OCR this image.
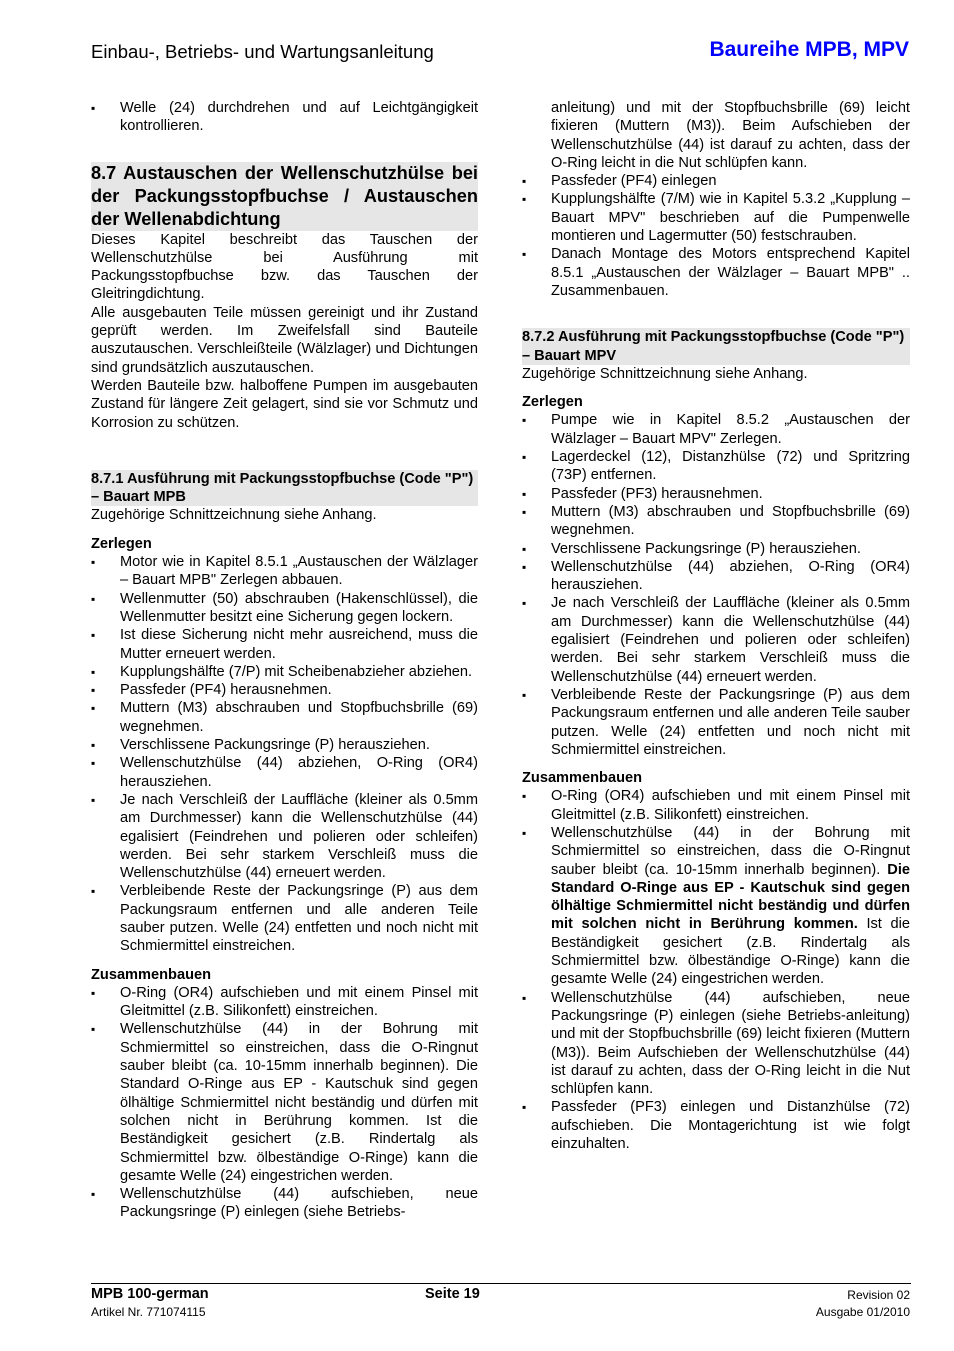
Einbau-, Betriebs- und Wartungsanleitung	Baureihe MPB, MPV
▪ Welle (24) durchdrehen und auf Leichtgängigkeit kontrollieren.
8.7 Austauschen der Wellenschutzhülse bei der Packungsstopfbuchse / Austauschen der Wellenabdichtung

Dieses Kapitel beschreibt das Tauschen der Wellenschutzhülse bei Ausführung mit Packungsstopfbuchse bzw. das Tauschen der Gleitringdichtung.

Alle ausgebauten Teile müssen gereinigt und ihr Zustand geprüft werden. Im Zweifelsfall sind Bauteile auszutauschen. Verschleißteile (Wälzlager) und Dichtungen sind grundsätzlich auszutauschen.

Werden Bauteile bzw. halboffene Pumpen im ausgebauten Zustand für längere Zeit gelagert, sind sie vor Schmutz und Korrosion zu schützen.

8.7.1 Ausführung mit Packungsstopfbuchse (Code "P") – Bauart MPB

Zugehörige Schnittzeichnung siehe Anhang.

Zerlegen
▪ Motor wie in Kapitel 8.5.1 „Austauschen der Wälzlager – Bauart MPB" Zerlegen abbauen.
▪ Wellenmutter (50) abschrauben (Hakenschlüssel), die Wellenmutter besitzt eine Sicherung gegen lockern.
▪ Ist diese Sicherung nicht mehr ausreichend, muss die Mutter erneuert werden.
▪ Kupplungshälfte (7/P) mit Scheibenabzieher abziehen.
▪ Passfeder (PF4) herausnehmen.
▪ Muttern (M3) abschrauben und Stopfbuchsbrille (69) wegnehmen.
▪ Verschlissene Packungsringe (P) herausziehen.
▪ Wellenschutzhülse (44) abziehen, O-Ring (OR4) herausziehen.
▪ Je nach Verschleiß der Lauffläche (kleiner als 0.5mm am Durchmesser) kann die Wellenschutzhülse (44) egalisiert (Feindrehen und polieren oder schleifen) werden. Bei sehr starkem Verschleiß muss die Wellenschutzhülse (44) erneuert werden.
▪ Verbleibende Reste der Packungsringe (P) aus dem Packungsraum entfernen und alle anderen Teile sauber putzen. Welle (24) entfetten und noch nicht mit Schmiermittel einstreichen.
Zusammenbauen
▪ O-Ring (OR4) aufschieben und mit einem Pinsel mit Gleitmittel (z.B. Silikonfett) einstreichen.
▪ Wellenschutzhülse (44) in der Bohrung mit Schmiermittel so einstreichen, dass die O-Ringnut sauber bleibt (ca. 10-15mm innerhalb beginnen). Die Standard O-Ringe aus EP - Kautschuk sind gegen ölhältige Schmiermittel nicht beständig und dürfen mit solchen nicht in Berührung kommen. Ist die Beständigkeit gesichert (z.B. Rindertalg als Schmiermittel bzw. ölbeständige O-Ringe) kann die gesamte Welle (24) eingestrichen werden.
▪ Wellenschutzhülse (44) aufschieben, neue Packungsringe (P) einlegen (siehe Betriebs-
anleitung) und mit der Stopfbuchsbrille (69) leicht fixieren (Muttern (M3)). Beim Aufschieben der Wellenschutzhülse (44) ist darauf zu achten, dass der O-Ring leicht in die Nut schlüpfen kann.
▪ Passfeder (PF4) einlegen
▪ Kupplungshälfte (7/M) wie in Kapitel 5.3.2 „Kupplung – Bauart MPV" beschrieben auf die Pumpenwelle montieren und Lagermutter (50) festschrauben.
▪ Danach Montage des Motors entsprechend Kapitel 8.5.1 „Austauschen der Wälzlager – Bauart MPB" .. Zusammenbauen.
8.7.2 Ausführung mit Packungsstopfbuchse (Code "P") – Bauart MPV

Zugehörige Schnittzeichnung siehe Anhang.

Zerlegen
▪ Pumpe wie in Kapitel 8.5.2 „Austauschen der Wälzlager – Bauart MPV" Zerlegen.
▪ Lagerdeckel (12), Distanzhülse (72) und Spritzring (73P) entfernen.
▪ Passfeder (PF3) herausnehmen.
▪ Muttern (M3) abschrauben und Stopfbuchsbrille (69) wegnehmen.
▪ Verschlissene Packungsringe (P) herausziehen.
▪ Wellenschutzhülse (44) abziehen, O-Ring (OR4) herausziehen.
▪ Je nach Verschleiß der Lauffläche (kleiner als 0.5mm am Durchmesser) kann die Wellenschutzhülse (44) egalisiert (Feindrehen und polieren oder schleifen) werden. Bei sehr starkem Verschleiß muss die Wellenschutzhülse (44) erneuert werden.
▪ Verbleibende Reste der Packungsringe (P) aus dem Packungsraum entfernen und alle anderen Teile sauber putzen. Welle (24) entfetten und noch nicht mit Schmiermittel einstreichen.
Zusammenbauen
▪ O-Ring (OR4) aufschieben und mit einem Pinsel mit Gleitmittel (z.B. Silikonfett) einstreichen.
▪ Wellenschutzhülse (44) in der Bohrung mit Schmiermittel so einstreichen, dass die O-Ringnut sauber bleibt (ca. 10-15mm innerhalb beginnen). Die Standard O-Ringe aus EP - Kautschuk sind gegen ölhältige Schmiermittel nicht beständig und dürfen mit solchen nicht in Berührung kommen. Ist die Beständigkeit gesichert (z.B. Rindertalg als Schmiermittel bzw. ölbeständige O-Ringe) kann die gesamte Welle (24) eingestrichen werden.
▪ Wellenschutzhülse (44) aufschieben, neue Packungsringe (P) einlegen (siehe Betriebs-anleitung) und mit der Stopfbuchsbrille (69) leicht fixieren (Muttern (M3)). Beim Aufschieben der Wellenschutzhülse (44) ist darauf zu achten, dass der O-Ring leicht in die Nut schlüpfen kann.
▪ Passfeder (PF3) einlegen und Distanzhülse (72) aufschieben. Die Montagerichtung ist wie folgt einzuhalten.
MPB 100-german
Artikel Nr. 771074115
Seite 19	Revision 02
Ausgabe 01/2010
